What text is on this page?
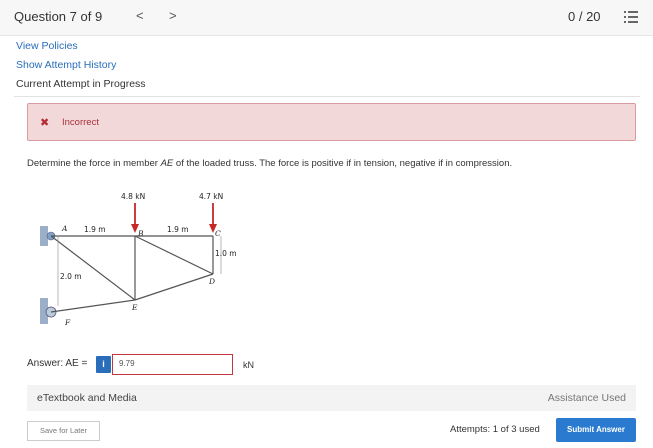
Question 7 of 9	< >	0 / 20
View Policies
Show Attempt History
Current Attempt in Progress
✖ Incorrect
Determine the force in member AE of the loaded truss. The force is positive if in tension, negative if in compression.
4.8 kN	4.7 kN
1.9 m	1.9 m
1.0 m
2.0 m
A
B	C
D
E
F
Answer: AE =	i	9.79	kN
eTextbook and Media	Assistance Used
Save for Later	Attempts: 1 of 3 used	Submit Answer
